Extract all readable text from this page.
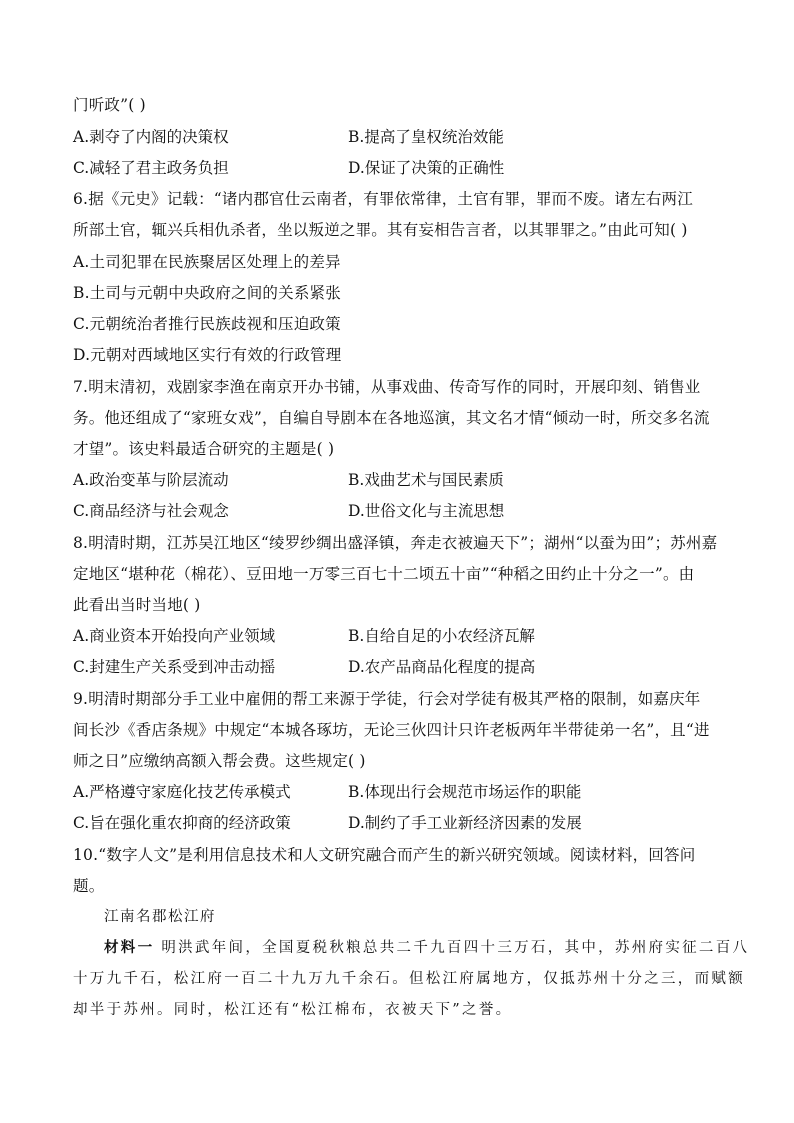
门听政”( )
A.剥夺了内阁的决策权	B.提高了皇权统治效能
C.减轻了君主政务负担	D.保证了决策的正确性
6.据《元史》记载：“诸内郡官仕云南者，有罪依常律，土官有罪，罪而不废。诸左右两江
所部土官，辄兴兵相仇杀者，坐以叛逆之罪。其有妄相告言者，以其罪罪之。”由此可知( )
A.土司犯罪在民族聚居区处理上的差异
B.土司与元朝中央政府之间的关系紧张
C.元朝统治者推行民族歧视和压迫政策
D.元朝对西域地区实行有效的行政管理
7.明末清初，戏剧家李渔在南京开办书铺，从事戏曲、传奇写作的同时，开展印刻、销售业
务。他还组成了“家班女戏”，自编自导剧本在各地巡演，其文名才情“倾动一时，所交多名流
才望”。该史料最适合研究的主题是( )
A.政治变革与阶层流动	B.戏曲艺术与国民素质
C.商品经济与社会观念	D.世俗文化与主流思想
8.明清时期，江苏吴江地区“绫罗纱绸出盛泽镇，奔走衣被遍天下”；湖州“以蚕为田”；苏州嘉
定地区“堪种花（棉花）、豆田地一万零三百七十二顷五十亩”“种稻之田约止十分之一”。由
此看出当时当地( )
A.商业资本开始投向产业领域	B.自给自足的小农经济瓦解
C.封建生产关系受到冲击动摇	D.农产品商品化程度的提高
9.明清时期部分手工业中雇佣的帮工来源于学徒，行会对学徒有极其严格的限制，如嘉庆年
间长沙《香店条规》中规定“本城各琢坊，无论三伙四计只许老板两年半带徒弟一名”，且“进
师之日”应缴纳高额入帮会费。这些规定( )
A.严格遵守家庭化技艺传承模式	B.体现出行会规范市场运作的职能
C.旨在强化重农抑商的经济政策	D.制约了手工业新经济因素的发展
10.“数字人文”是利用信息技术和人文研究融合而产生的新兴研究领域。阅读材料，回答问
题。
江南名郡松江府
材料一 明洪武年间，全国夏税秋粮总共二千九百四十三万石，其中，苏州府实征二百八
十万九千石，松江府一百二十九万九千余石。但松江府属地方，仅抵苏州十分之三，而赋额
却半于苏州。同时，松江还有“松江棉布，衣被天下”之誉。
